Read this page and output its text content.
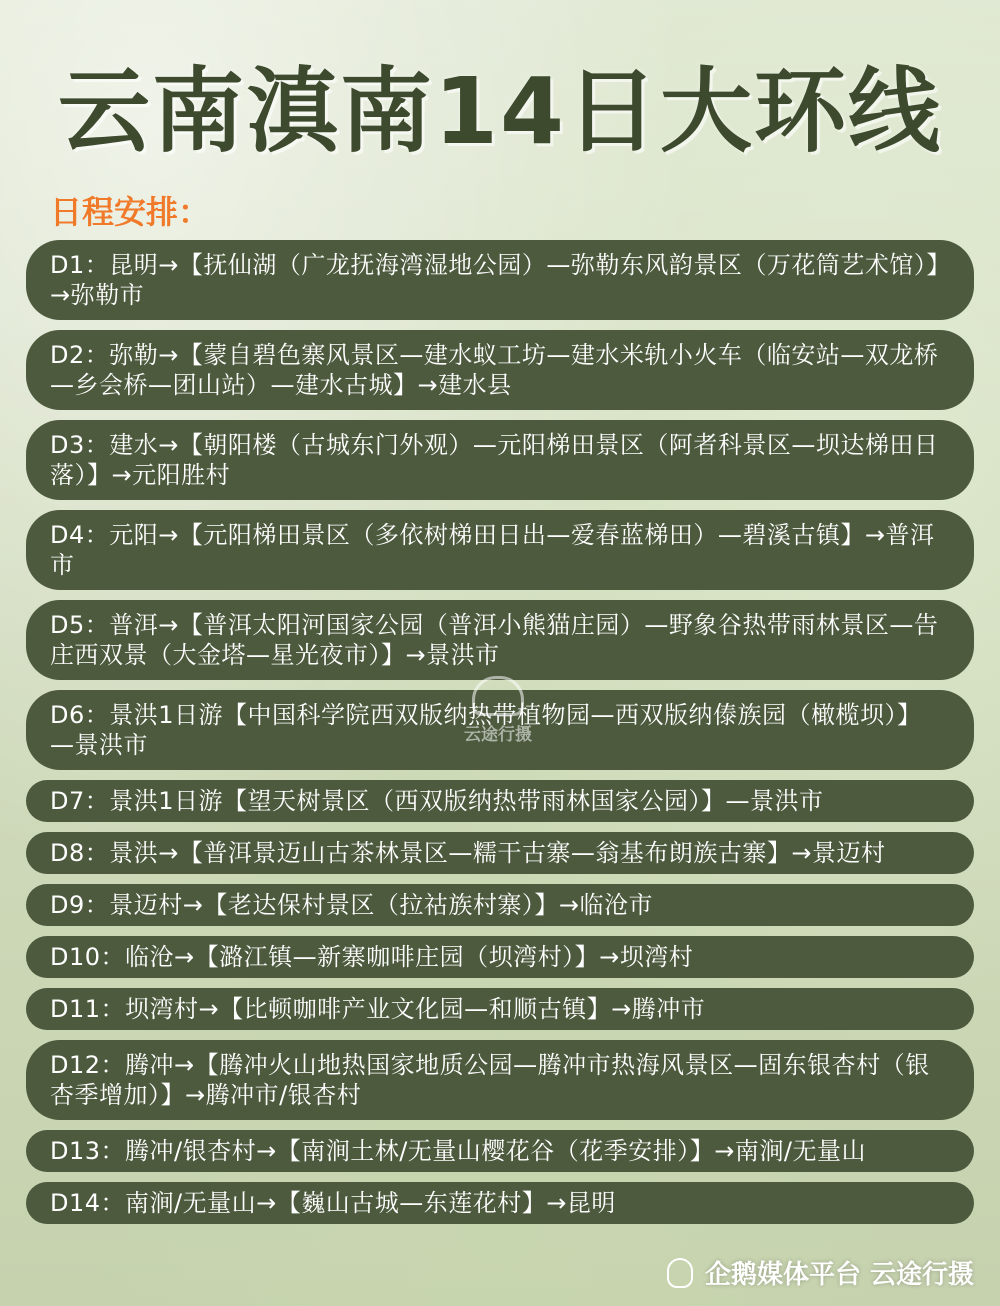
云南滇南14日大环线
日程安排：
D1：昆明→【抚仙湖（广龙抚海湾湿地公园）—弥勒东风韵景区（万花筒艺术馆）】→弥勒市
D2：弥勒→【蒙自碧色寨风景区—建水蚁工坊—建水米轨小火车（临安站—双龙桥—乡会桥—团山站）—建水古城】→建水县
D3：建水→【朝阳楼（古城东门外观）—元阳梯田景区（阿者科景区—坝达梯田日落）】→元阳胜村
D4：元阳→【元阳梯田景区（多依树梯田日出—爱春蓝梯田）—碧溪古镇】→普洱市
D5：普洱→【普洱太阳河国家公园（普洱小熊猫庄园）—野象谷热带雨林景区—告庄西双景（大金塔—星光夜市）】→景洪市
D6：景洪1日游【中国科学院西双版纳热带植物园—西双版纳傣族园（橄榄坝）】—景洪市
D7：景洪1日游【望天树景区（西双版纳热带雨林国家公园）】—景洪市
D8：景洪→【普洱景迈山古茶林景区—糯干古寨—翁基布朗族古寨】→景迈村
D9：景迈村→【老达保村景区（拉祜族村寨）】→临沧市
D10：临沧→【潞江镇—新寨咖啡庄园（坝湾村）】→坝湾村
D11：坝湾村→【比顿咖啡产业文化园—和顺古镇】→腾冲市
D12：腾冲→【腾冲火山地热国家地质公园—腾冲市热海风景区—固东银杏村（银杏季增加）】→腾冲市/银杏村
D13：腾冲/银杏村→【南涧土林/无量山樱花谷（花季安排）】→南涧/无量山
D14：南涧/无量山→【巍山古城—东莲花村】→昆明
云途行摄
企鹅媒体平台 云途行摄
